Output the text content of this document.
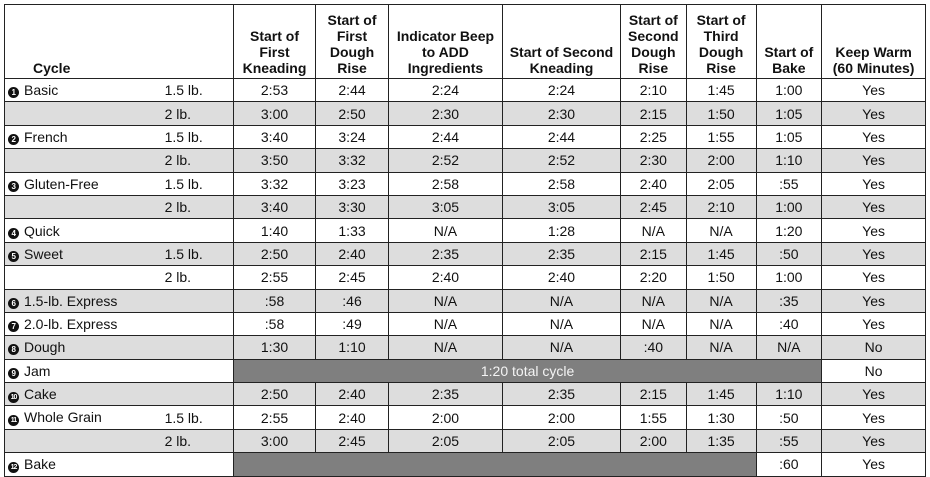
Cycle		Start of First Kneading	Start of First Dough Rise	Indicator Beep to ADD Ingredients	Start of Second Kneading	Start of Second Dough Rise	Start of Third Dough Rise	Start of Bake	Keep Warm (60 Minutes)
1 Basic	1.5 lb.	2:53	2:44	2:24	2:24	2:10	1:45	1:00	Yes
	2 lb.	3:00	2:50	2:30	2:30	2:15	1:50	1:05	Yes
2 French	1.5 lb.	3:40	3:24	2:44	2:44	2:25	1:55	1:05	Yes
	2 lb.	3:50	3:32	2:52	2:52	2:30	2:00	1:10	Yes
3 Gluten-Free	1.5 lb.	3:32	3:23	2:58	2:58	2:40	2:05	:55	Yes
	2 lb.	3:40	3:30	3:05	3:05	2:45	2:10	1:00	Yes
4 Quick		1:40	1:33	N/A	1:28	N/A	N/A	1:20	Yes
5 Sweet	1.5 lb.	2:50	2:40	2:35	2:35	2:15	1:45	:50	Yes
	2 lb.	2:55	2:45	2:40	2:40	2:20	1:50	1:00	Yes
6 1.5-lb. Express		:58	:46	N/A	N/A	N/A	N/A	:35	Yes
7 2.0-lb. Express		:58	:49	N/A	N/A	N/A	N/A	:40	Yes
8 Dough		1:30	1:10	N/A	N/A	:40	N/A	N/A	No
9 Jam		1:20 total cycle							No
10 Cake		2:50	2:40	2:35	2:35	2:15	1:45	1:10	Yes
11 Whole Grain	1.5 lb.	2:55	2:40	2:00	2:00	1:55	1:30	:50	Yes
	2 lb.	3:00	2:45	2:05	2:05	2:00	1:35	:55	Yes
12 Bake								:60	Yes
